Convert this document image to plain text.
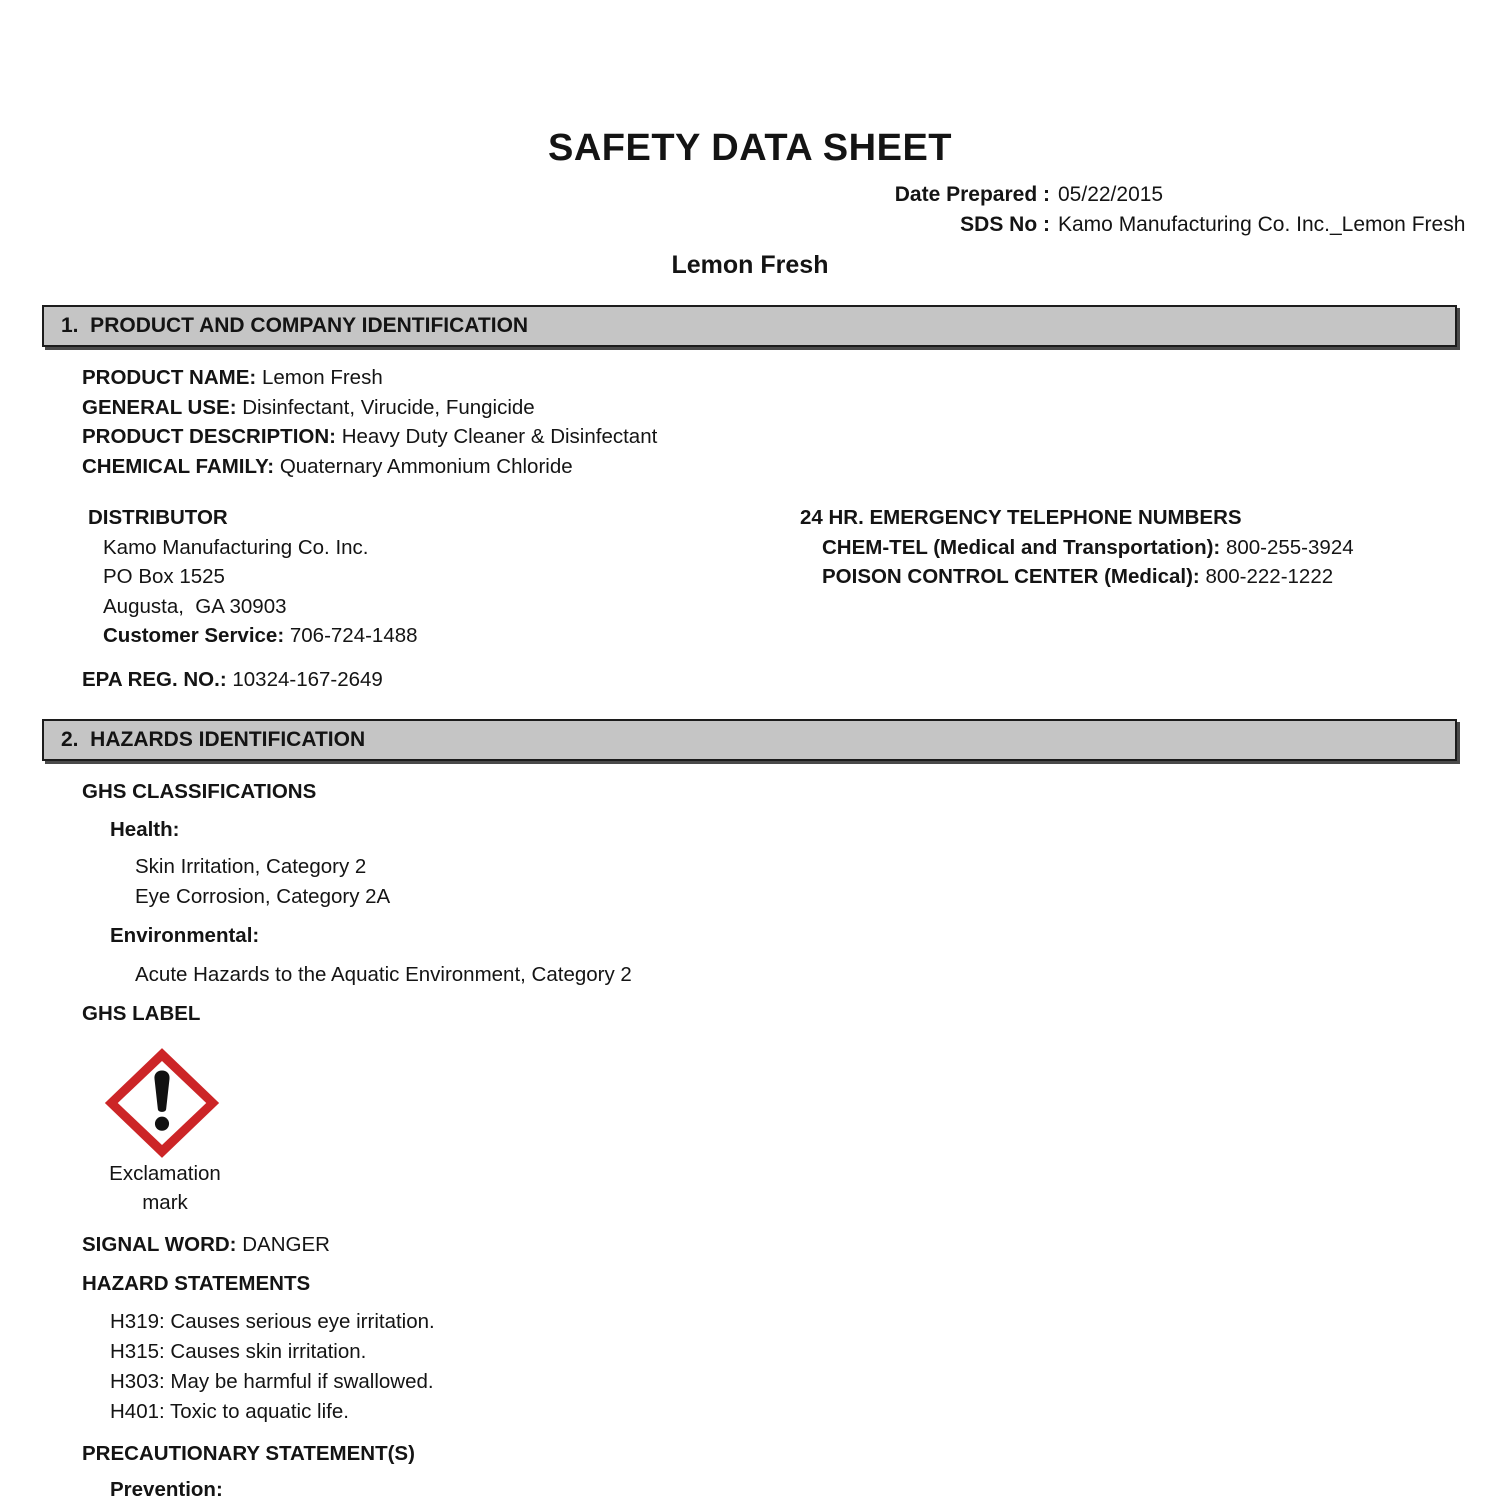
SAFETY DATA SHEET
Date Prepared : 05/22/2015
SDS No : Kamo Manufacturing Co. Inc._Lemon Fresh
Lemon Fresh
1.  PRODUCT AND COMPANY IDENTIFICATION

PRODUCT NAME: Lemon Fresh

GENERAL USE: Disinfectant, Virucide, Fungicide

PRODUCT DESCRIPTION: Heavy Duty Cleaner & Disinfectant

CHEMICAL FAMILY: Quaternary Ammonium Chloride

DISTRIBUTOR

Kamo Manufacturing Co. Inc.

PO Box 1525

Augusta,  GA 30903

Customer Service: 706-724-1488

24 HR. EMERGENCY TELEPHONE NUMBERS

CHEM-TEL (Medical and Transportation): 800-255-3924

POISON CONTROL CENTER (Medical): 800-222-1222

EPA REG. NO.: 10324-167-2649

2.  HAZARDS IDENTIFICATION

GHS CLASSIFICATIONS

Health:

Skin Irritation, Category 2

Eye Corrosion, Category 2A

Environmental:

Acute Hazards to the Aquatic Environment, Category 2

GHS LABEL

Exclamation

mark

SIGNAL WORD: DANGER

HAZARD STATEMENTS

H319: Causes serious eye irritation.

H315: Causes skin irritation.

H303: May be harmful if swallowed.

H401: Toxic to aquatic life.

PRECAUTIONARY STATEMENT(S)

Prevention:
